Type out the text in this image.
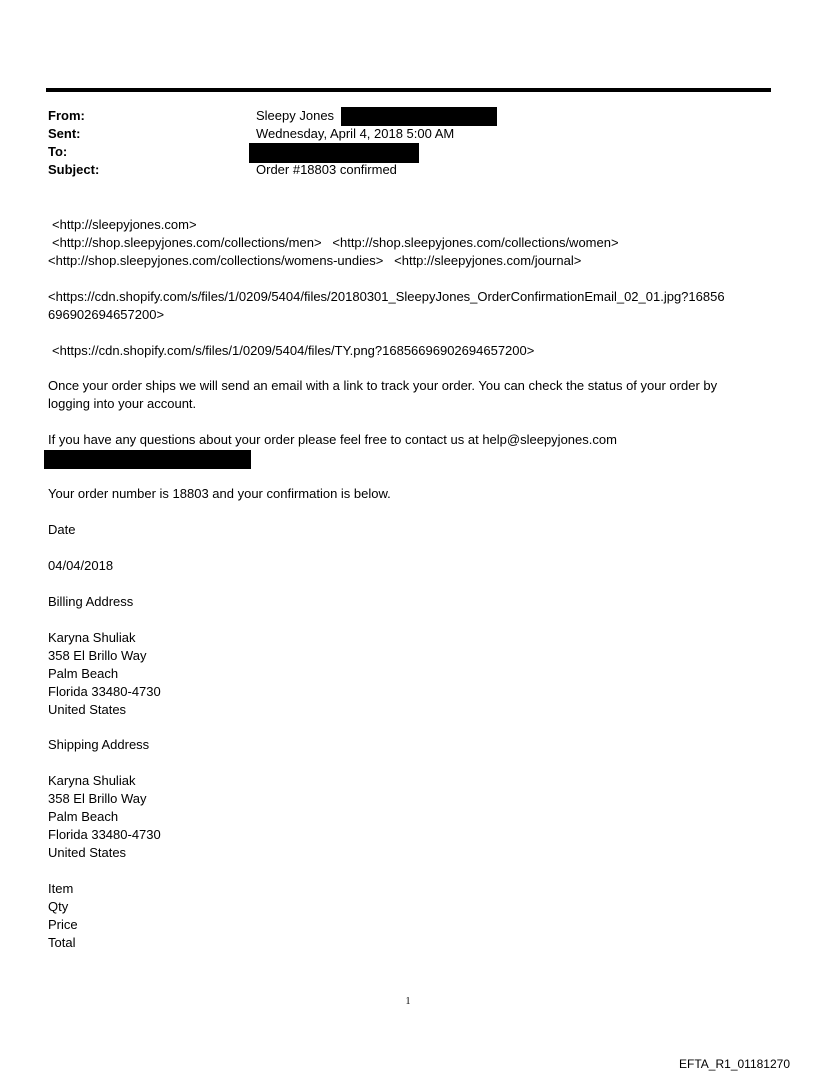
From:	Sleepy Jones
Sent:	Wednesday, April 4, 2018 5:00 AM
To:
Subject:	Order #18803 confirmed
<http://sleepyjones.com>
<http://shop.sleepyjones.com/collections/men> <http://shop.sleepyjones.com/collections/women>
<http://shop.sleepyjones.com/collections/womens-undies> <http://sleepyjones.com/journal>
<https://cdn.shopify.com/s/files/1/0209/5404/files/20180301_SleepyJones_OrderConfirmationEmail_02_01.jpg?16856
696902694657200>
<https://cdn.shopify.com/s/files/1/0209/5404/files/TY.png?16856696902694657200>
Once your order ships we will send an email with a link to track your order. You can check the status of your order by
logging into your account.
If you have any questions about your order please feel free to contact us at help@sleepyjones.com
Your order number is 18803 and your confirmation is below.
Date
04/04/2018
Billing Address
Karyna Shuliak
358 El Brillo Way
Palm Beach
Florida 33480-4730
United States
Shipping Address
Karyna Shuliak
358 El Brillo Way
Palm Beach
Florida 33480-4730
United States
Item
Qty
Price
Total
1
EFTA_R1_01181270
